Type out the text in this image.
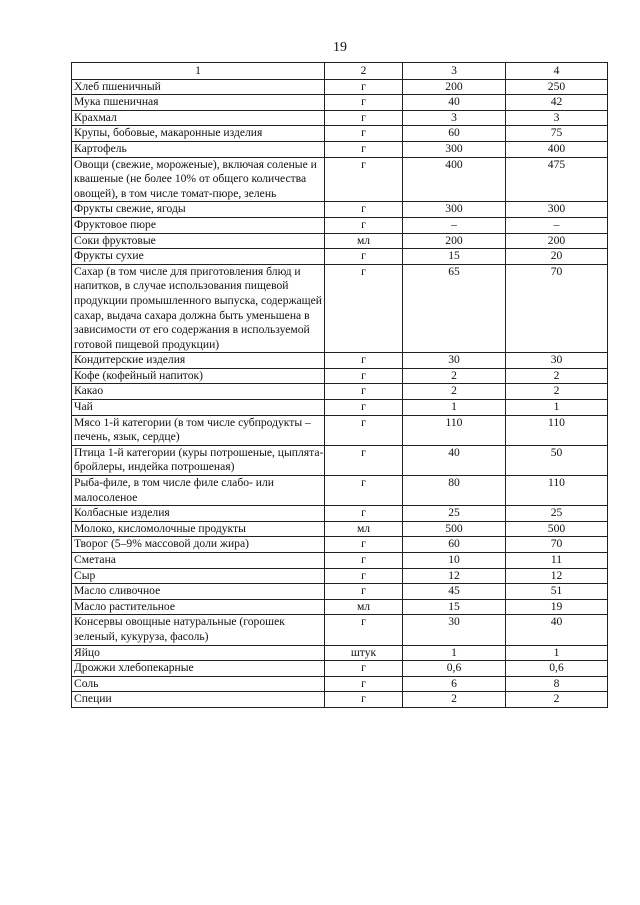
19
1	2	3	4
Хлеб пшеничный	г	200	250
Мука пшеничная	г	40	42
Крахмал	г	3	3
Крупы, бобовые, макаронные изделия	г	60	75
Картофель	г	300	400
Овощи (свежие, мороженые), включая соленые и квашеные (не более 10% от общего количества овощей), в том числе томат-пюре, зелень	г	400	475
Фрукты свежие, ягоды	г	300	300
Фруктовое пюре	г	–	–
Соки фруктовые	мл	200	200
Фрукты сухие	г	15	20
Сахар (в том числе для приготовления блюд и напитков, в случае использования пищевой продукции промышленного выпуска, содержащей сахар, выдача сахара должна быть уменьшена в зависимости от его содержания в используемой готовой пищевой продукции)	г	65	70
Кондитерские изделия	г	30	30
Кофе (кофейный напиток)	г	2	2
Какао	г	2	2
Чай	г	1	1
Мясо 1-й категории (в том числе субпродукты – печень, язык, сердце)	г	110	110
Птица 1-й категории (куры потрошеные, цыплята-бройлеры, индейка потрошеная)	г	40	50
Рыба-филе, в том числе филе слабо- или малосоленое	г	80	110
Колбасные изделия	г	25	25
Молоко, кисломолочные продукты	мл	500	500
Творог (5–9% массовой доли жира)	г	60	70
Сметана	г	10	11
Сыр	г	12	12
Масло сливочное	г	45	51
Масло растительное	мл	15	19
Консервы овощные натуральные (горошек зеленый, кукуруза, фасоль)	г	30	40
Яйцо	штук	1	1
Дрожжи хлебопекарные	г	0,6	0,6
Соль	г	6	8
Специи	г	2	2
